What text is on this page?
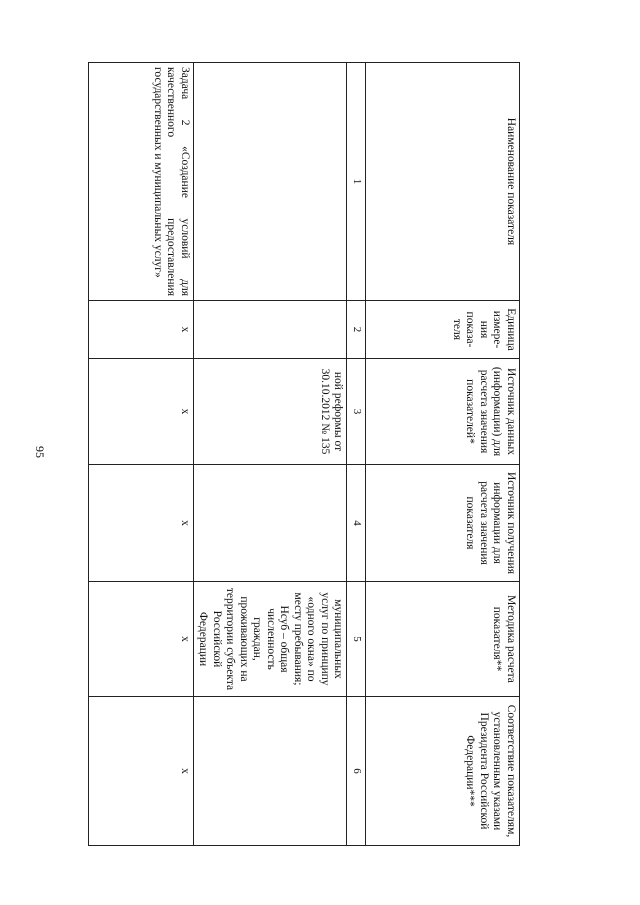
95
Наименование показателя	Единица измере-ния показа-теля	Источник данных (информации) для расчета значения показателей*	Источник получения информации для расчета значения показателя	Методика расчета показателя**	Соответствие показателям, установленным указами Президента Российской Федерации***
1	2	3	4	5	6
		ной реформы от 30.10.2012 № 135		муниципальных услуг по принципу «одного окна» по месту пребывания; Нсуб – общая численность граждан, проживающих на территории субъекта Российской Федерации	
Задача 2 «Создание условий для качественного предоставления государственных и муниципальных услуг»	x	x	x	x	x
